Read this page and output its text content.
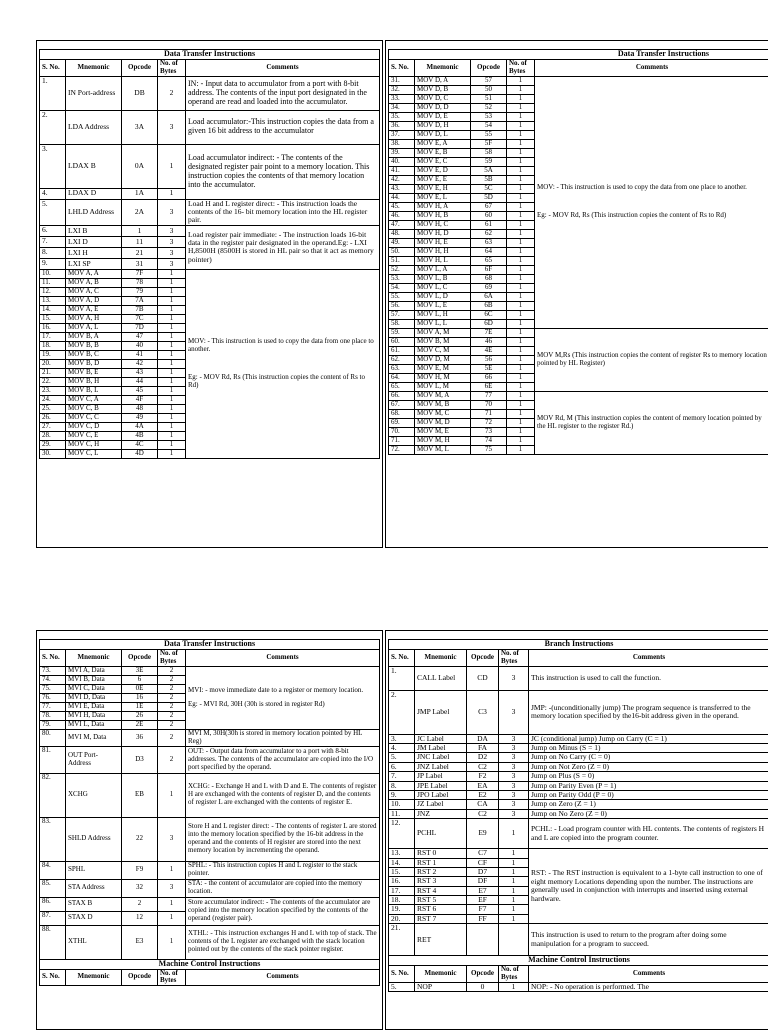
Data Transfer Instructions				
S. No.	Mnemonic	Opcode	No. of Bytes	Comments
1.	IN Port-address	DB	2	IN: - Input data to accumulator from a port with 8-bit address. The contents of the input port designated in the operand are read and loaded into the accumulator.
2.	LDA Address	3A	3	Load accumulator:-This instruction copies the data from a given 16 bit address to the accumulator
3.	LDAX B	0A	1	Load accumulator indirect: - The contents of the designated register pair point to a memory location. This instruction copies the contents of that memory location into the accumulator.
4.	LDAX D	1A	1	
5.	LHLD Address	2A	3	Load H and L register direct: - This instruction loads the contents of the 16- bit memory location into the HL register pair.
6.	LXI B	1	3	Load register pair immediate: - The instruction loads 16-bit data in the register pair designated in the operand.Eg: - LXI H,8500H (8500H is stored in HL pair so that it act as memory pointer)
7.	LXI D	11	3	
8.	LXI H	21	3	
9.	LXI SP	31	3	
10.	MOV A, A	7F	1	MOV: - This instruction is used to copy the data from one place to another.
Eg: - MOV Rd, Rs (This instruction copies the content of Rs to Rd)

11.	MOV A, B	78	1	
12.	MOV A, C	79	1	
13.	MOV A, D	7A	1	
14.	MOV A, E	7B	1	
15.	MOV A, H	7C	1	
16.	MOV A, L	7D	1	
17.	MOV B, A	47	1	
18.	MOV B, B	40	1	
19.	MOV B, C	41	1	
20.	MOV B, D	42	1	
21.	MOV B, E	43	1	
22.	MOV B, H	44	1	
23.	MOV B, L	45	1	
24.	MOV C, A	4F	1	
25.	MOV C, B	48	1	
26.	MOV C, C	49	1	
27.	MOV C, D	4A	1	
28.	MOV C, E	4B	1	
29.	MOV C, H	4C	1	
30.	MOV C, L	4D	1	
Data Transfer Instructions				
S. No.	Mnemonic	Opcode	No. of Bytes	Comments
31.	MOV D, A	57	1	MOV: - This instruction is used to copy the data from one place to another.
Eg: - MOV Rd, Rs (This instruction copies the content of Rs to Rd)

32.	MOV D, B	50	1	
33.	MOV D, C	51	1	
34.	MOV D, D	52	1	
35.	MOV D, E	53	1	
36.	MOV D, H	54	1	
37.	MOV D, L	55	1	
38.	MOV E, A	5F	1	
39.	MOV E, B	58	1	
40.	MOV E, C	59	1	
41.	MOV E, D	5A	1	
42.	MOV E, E	5B	1	
43.	MOV E, H	5C	1	
44.	MOV E, L	5D	1	
45.	MOV H, A	67	1	
46.	MOV H, B	60	1	
47.	MOV H, C	61	1	
48.	MOV H, D	62	1	
49.	MOV H, E	63	1	
50.	MOV H, H	64	1	
51.	MOV H, L	65	1	
52.	MOV L, A	6F	1	
53.	MOV L, B	68	1	
54.	MOV L, C	69	1	
55.	MOV L, D	6A	1	
56.	MOV L, E	6B	1	
57.	MOV L, H	6C	1	
58.	MOV L, L	6D	1	
59.	MOV A, M	7E	1	MOV M,Rs (This instruction copies the content of register Rs to memory location pointed by HL Register)
60.	MOV B, M	46	1	
61.	MOV C, M	4E	1	
62.	MOV D, M	56	1	
63.	MOV E, M	5E	1	
64.	MOV H, M	66	1	
65.	MOV L, M	6E	1	
66.	MOV M, A	77	1	MOV Rd, M (This instruction copies the content of memory location pointed by the HL register to the register Rd.)
67.	MOV M, B	70	1	
68.	MOV M, C	71	1	
69.	MOV M, D	72	1	
70.	MOV M, E	73	1	
71.	MOV M, H	74	1	
72.	MOV M, L	75	1	
Data Transfer Instructions				
S. No.	Mnemonic	Opcode	No. of Bytes	Comments
73.	MVI A, Data	3E	2	MVI: - move immediate date to a register or memory location.
Eg: - MVI Rd, 30H (30h is stored in register Rd)

74.	MVI B, Data	6	2	
75.	MVI C, Data	0E	2	
76.	MVI D, Data	16	2	
77.	MVI E, Data	1E	2	
78.	MVI H, Data	26	2	
79.	MVI L, Data	2E	2	
80.	MVI M, Data	36	2	MVI M, 30H(30h is stored in memory location pointed by HL Reg)
81.	OUT Port-Address	D3	2	OUT: - Output data from accumulator to a port with 8-bit addresses. The contents of the accumulator are copied into the I/O port specified by the operand.
82.	XCHG	EB	1	XCHG: - Exchange H and L with D and E. The contents of register H are exchanged with the contents of register D, and the contents of register L are exchanged with the contents of register E.
83.	SHLD Address	22	3	Store H and L register direct: - The contents of register L are stored into the memory location specified by the 16-bit address in the operand and the contents of H register are stored into the next memory location by incrementing the operand.
84.	SPHL	F9	1	SPHL: - This instruction copies H and L register to the stack pointer.
85.	STA Address	32	3	STA: - the content of accumulator are copied into the memory location.
86.	STAX B	2	1	Store accumulator indirect: - The contents of the accumulator are copied into the memory location specified by the contents of the operand (register pair).
87.	STAX D	12	1	
88.	XTHL	E3	1	XTHL: - This instruction exchanges H and L with top of stack. The contents of the L register are exchanged with the stack location pointed out by the contents of the stack pointer register.
Machine Control Instructions				
S. No.	Mnemonic	Opcode	No. of Bytes	Comments
Branch Instructions				
S. No.	Mnemonic	Opcode	No. of Bytes	Comments
1.	CALL Label	CD	3	This instruction is used to call the function.
2.	JMP Label	C3	3	JMP: -(unconditionally jump) The program sequence is transferred to the memory location specified by the16-bit address given in the operand.
3.	JC Label	DA	3	JC (conditional jump) Jump on Carry (C = 1)
4.	JM Label	FA	3	Jump on Minus (S = 1)
5.	JNC Label	D2	3	Jump on No Carry (C = 0)
6.	JNZ Label	C2	3	Jump on Not Zero (Z = 0)
7.	JP Label	F2	3	Jump on Plus (S = 0)
8.	JPE Label	EA	3	Jump on Parity Even (P = 1)
9.	JPO Label	E2	3	Jump on Parity Odd (P = 0)
10.	JZ Label	CA	3	Jump on Zero (Z = 1)
11.	JNZ	C2	3	Jump on No Zero (Z = 0)
12.	PCHL	E9	1	PCHL: - Load program counter with HL contents. The contents of registers H and L are copied into the program counter.
13.	RST 0	C7	1	RST: - The RST instruction is equivalent to a 1-byte call instruction to one of eight memory Locations depending upon the number. The instructions are generally used in conjunction with interrupts and inserted using external hardware.
14.	RST 1	CF	1	
15.	RST 2	D7	1	
16.	RST 3	DF	1	
17.	RST 4	E7	1	
18.	RST 5	EF	1	
19.	RST 6	F7	1	
20.	RST 7	FF	1	
21.	RET			This instruction is used to return to the program after doing some manipulation for a program to succeed.
Machine Control Instructions				
S. No.	Mnemonic	Opcode	No. of Bytes	Comments
5.	NOP	0	1	NOP: - No operation is performed. The
